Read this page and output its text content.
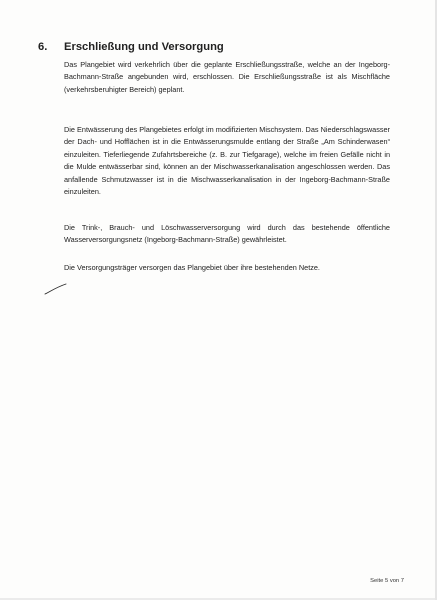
6.	Erschließung und Versorgung
Das Plangebiet wird verkehrlich über die geplante Erschließungsstraße, welche an der Ingeborg-Bachmann-Straße angebunden wird, erschlossen. Die Erschließungsstraße ist als Mischfläche (verkehrsberuhigter Bereich) geplant.
Die Entwässerung des Plangebietes erfolgt im modifizierten Mischsystem. Das Niederschlagswasser der Dach- und Hofflächen ist in die Entwässerungsmulde entlang der Straße „Am Schinderwasen“ einzuleiten. Tieferliegende Zufahrtsbereiche (z. B. zur Tiefgarage), welche im freien Gefälle nicht in die Mulde entwässerbar sind, können an der Mischwasserkanalisation angeschlossen werden. Das anfallende Schmutzwasser ist in die Mischwasserkanalisation in der Ingeborg-Bachmann-Straße einzuleiten.
Die Trink-, Brauch- und Löschwasserversorgung wird durch das bestehende öffentliche Wasserversorgungsnetz (Ingeborg-Bachmann-Straße) gewährleistet.
Die Versorgungsträger versorgen das Plangebiet über ihre bestehenden Netze.
Seite 5 von 7
